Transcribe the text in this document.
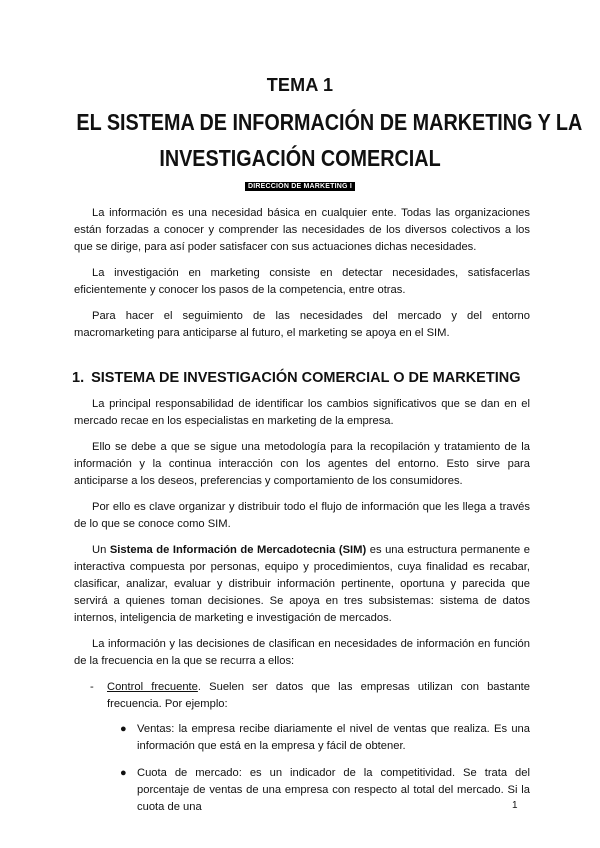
TEMA 1
EL SISTEMA DE INFORMACIÓN DE MARKETING Y LA
INVESTIGACIÓN COMERCIAL
DIRECCIÓN DE MARKETING I

La información es una necesidad básica en cualquier ente. Todas las organizaciones están forzadas a conocer y comprender las necesidades de los diversos colectivos a los que se dirige, para así poder satisfacer con sus actuaciones dichas necesidades.

La investigación en marketing consiste en detectar necesidades, satisfacerlas eficientemente y conocer los pasos de la competencia, entre otras.

Para hacer el seguimiento de las necesidades del mercado y del entorno macromarketing para anticiparse al futuro, el marketing se apoya en el SIM.

1. SISTEMA DE INVESTIGACIÓN COMERCIAL O DE MARKETING

La principal responsabilidad de identificar los cambios significativos que se dan en el mercado recae en los especialistas en marketing de la empresa.

Ello se debe a que se sigue una metodología para la recopilación y tratamiento de la información y la continua interacción con los agentes del entorno. Esto sirve para anticiparse a los deseos, preferencias y comportamiento de los consumidores.

Por ello es clave organizar y distribuir todo el flujo de información que les llega a través de lo que se conoce como SIM.

Un Sistema de Información de Mercadotecnia (SIM) es una estructura permanente e interactiva compuesta por personas, equipo y procedimientos, cuya finalidad es recabar, clasificar, analizar, evaluar y distribuir información pertinente, oportuna y parecida que servirá a quienes toman decisiones. Se apoya en tres subsistemas: sistema de datos internos, inteligencia de marketing e investigación de mercados.

La información y las decisiones de clasifican en necesidades de información en función de la frecuencia en la que se recurra a ellos:

- Control frecuente. Suelen ser datos que las empresas utilizan con bastante frecuencia. Por ejemplo:
● Ventas: la empresa recibe diariamente el nivel de ventas que realiza. Es una información que está en la empresa y fácil de obtener.
● Cuota de mercado: es un indicador de la competitividad. Se trata del porcentaje de ventas de una empresa con respecto al total del mercado. Si la cuota de una	1
